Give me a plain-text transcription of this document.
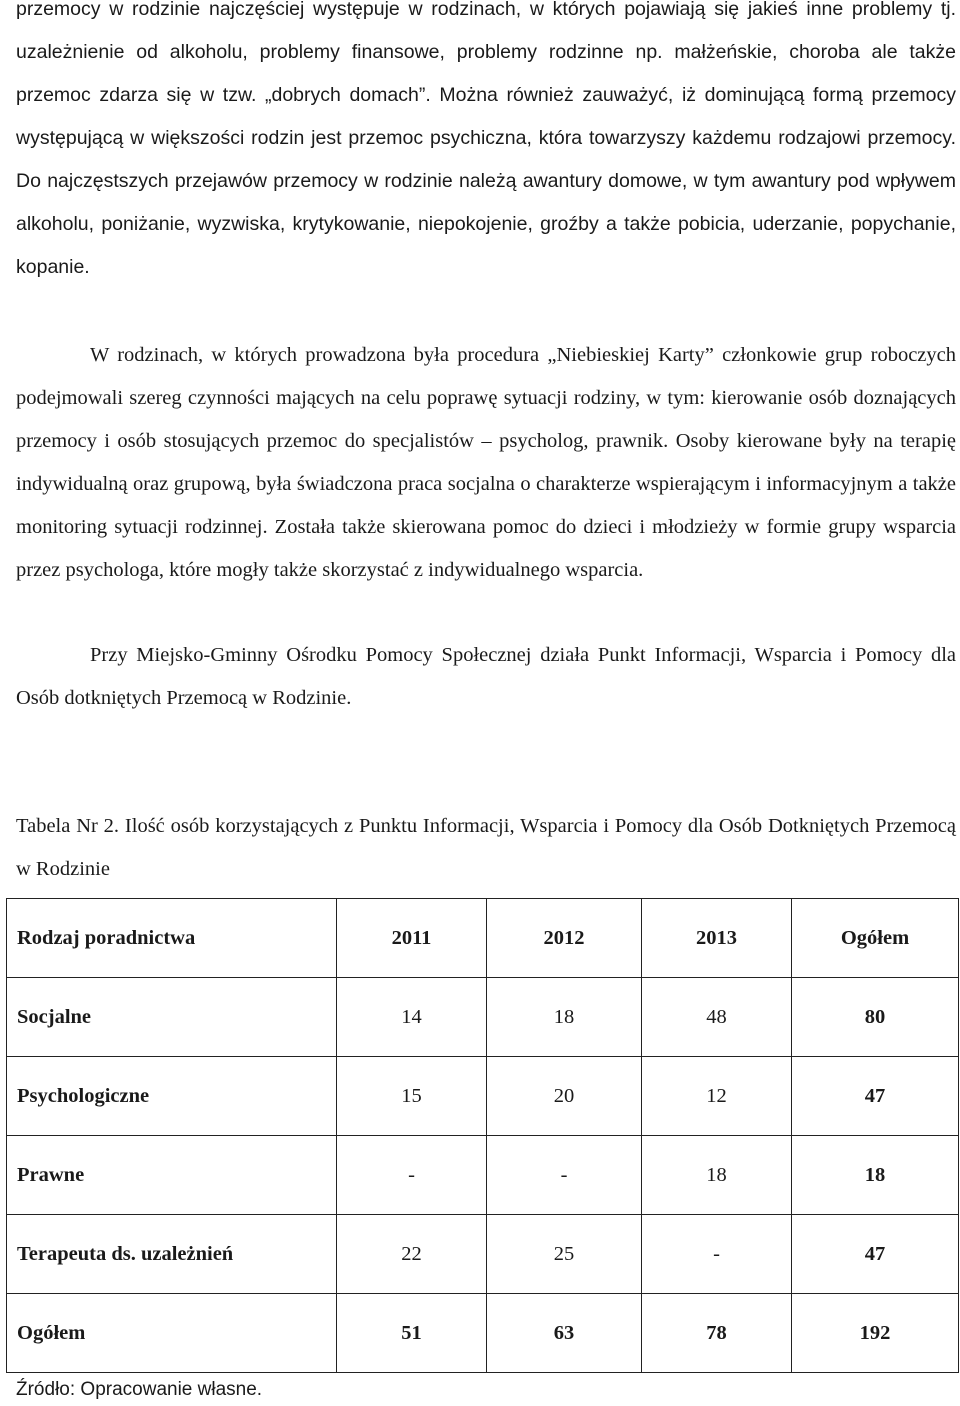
przemocy w rodzinie najczęściej występuje w rodzinach, w których pojawiają się jakieś inne problemy tj. uzależnienie od alkoholu, problemy finansowe, problemy rodzinne np. małżeńskie, choroba ale także przemoc zdarza się w tzw. „dobrych domach”. Można również zauważyć, iż dominującą formą przemocy występującą w większości rodzin jest przemoc psychiczna, która towarzyszy każdemu rodzajowi przemocy. Do najczęstszych przejawów przemocy w rodzinie należą awantury domowe, w tym awantury pod wpływem alkoholu, poniżanie, wyzwiska, krytykowanie, niepokojenie, groźby a także pobicia, uderzanie, popychanie, kopanie.

W rodzinach, w których prowadzona była procedura „Niebieskiej Karty” członkowie grup roboczych podejmowali szereg czynności mających na celu poprawę sytuacji rodziny, w tym: kierowanie osób doznających przemocy i osób stosujących przemoc do specjalistów – psycholog, prawnik. Osoby kierowane były na terapię indywidualną oraz grupową, była świadczona praca socjalna o charakterze wspierającym i informacyjnym a także monitoring sytuacji rodzinnej. Została także skierowana pomoc do dzieci i młodzieży w formie grupy wsparcia przez psychologa, które mogły także skorzystać z indywidualnego wsparcia.

Przy Miejsko-Gminny Ośrodku Pomocy Społecznej działa Punkt Informacji, Wsparcia i Pomocy dla Osób dotkniętych Przemocą w Rodzinie.

Tabela Nr 2. Ilość osób korzystających z Punktu Informacji, Wsparcia i Pomocy dla Osób Dotkniętych Przemocą w Rodzinie

Rodzaj poradnictwa	2011	2012	2013	Ogółem
Socjalne	14	18	48	80
Psychologiczne	15	20	12	47
Prawne	-	-	18	18
Terapeuta ds. uzależnień	22	25	-	47
Ogółem	51	63	78	192

Źródło: Opracowanie własne.
